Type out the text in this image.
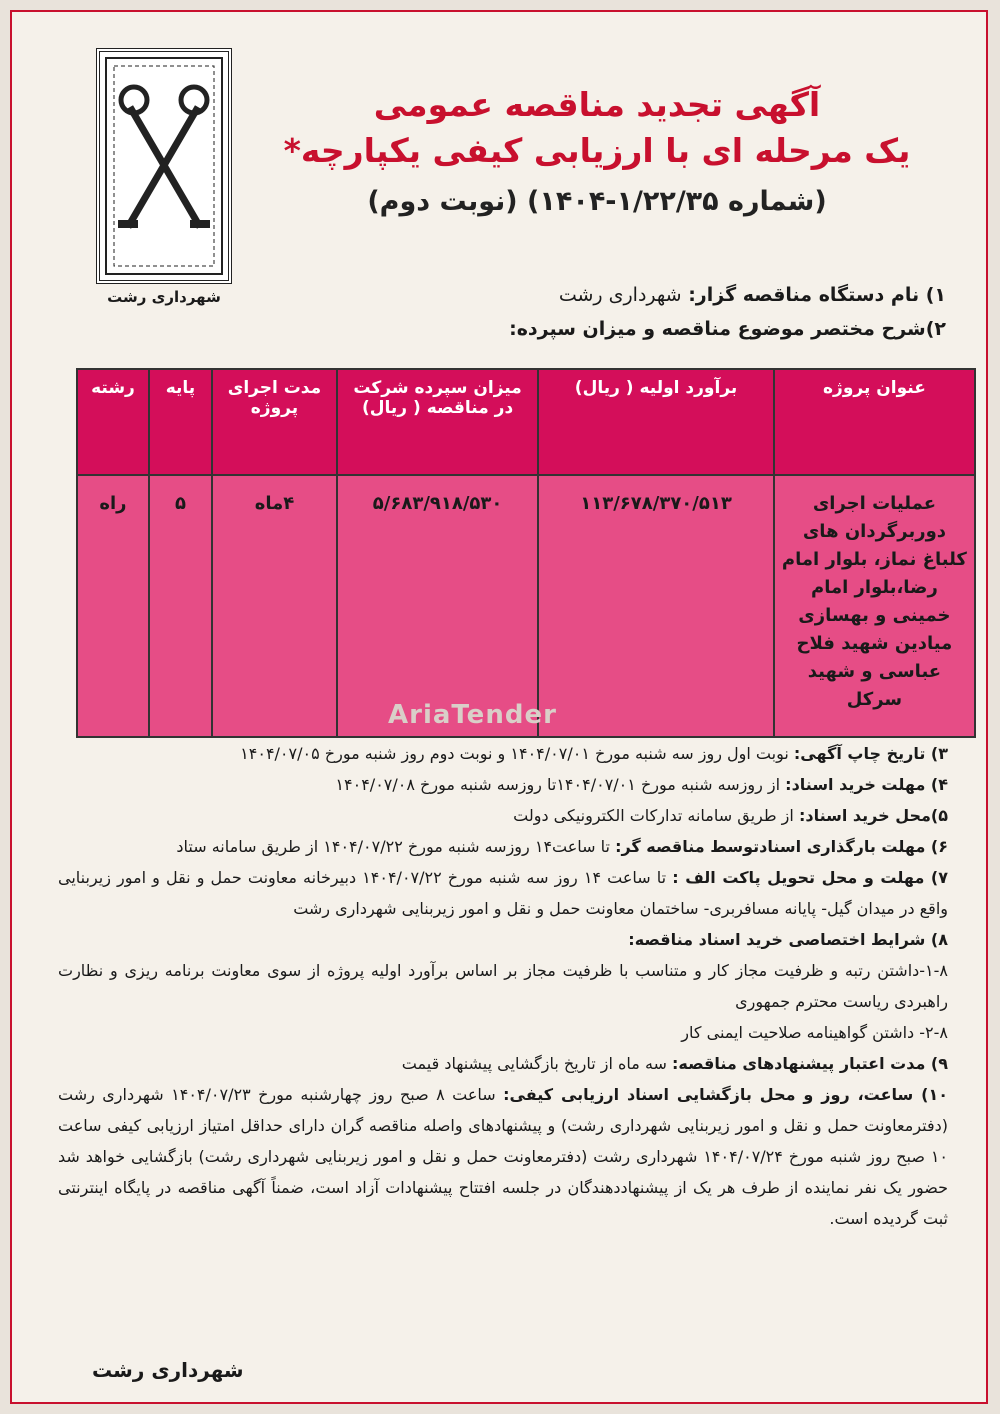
شهرداری رشت
آگهی تجدید مناقصه عمومی
یک مرحله ای با ارزیابی کیفی یکپارچه*
(شماره ۱/۲۲/۳۵-۱۴۰۴) (نوبت دوم)
۱) نام دستگاه مناقصه گزار: شهرداری رشت
۲)شرح مختصر موضوع مناقصه و میزان سپرده:
عنوان پروژه	برآورد اولیه ( ریال)	میزان سپرده شرکت در مناقصه ( ریال)	مدت اجرای پروژه	پایه	رشته
عملیات اجرای دوربرگردان های کلباغ نماز، بلوار امام رضا،بلوار امام خمینی و بهسازی میادین شهید فلاح عباسی و شهید سرکل	۱۱۳/۶۷۸/۳۷۰/۵۱۳	۵/۶۸۳/۹۱۸/۵۳۰	۴ماه	۵	راه
AriaTender

۳) تاریخ چاپ آگهی: نوبت اول روز سه شنبه مورخ ۱۴۰۴/۰۷/۰۱ و نوبت دوم روز شنبه مورخ ۱۴۰۴/۰۷/۰۵

۴) مهلت خرید اسناد: از روزسه شنبه مورخ ۱۴۰۴/۰۷/۰۱تا روزسه شنبه مورخ ۱۴۰۴/۰۷/۰۸

۵)محل خرید اسناد: از طریق سامانه تدارکات الکترونیکی دولت

۶) مهلت بارگذاری اسنادتوسط مناقصه گر: تا ساعت۱۴ روزسه شنبه مورخ ۱۴۰۴/۰۷/۲۲ از طریق سامانه ستاد

۷) مهلت و محل تحویل پاکت الف : تا ساعت ۱۴ روز سه شنبه مورخ ۱۴۰۴/۰۷/۲۲ دبیرخانه معاونت حمل و نقل و امور زیربنایی واقع در میدان گیل- پایانه مسافربری- ساختمان معاونت حمل و نقل و امور زیربنایی شهرداری رشت

۸) شرایط اختصاصی خرید اسناد مناقصه:

۱-۸-داشتن رتبه و ظرفیت مجاز کار و متناسب با ظرفیت مجاز بر اساس برآورد اولیه پروژه از سوی معاونت برنامه ریزی و نظارت راهبردی ریاست محترم جمهوری

۲-۸- داشتن گواهینامه صلاحیت ایمنی کار

۹) مدت اعتبار پیشنهادهای مناقصه: سه ماه از تاریخ بازگشایی پیشنهاد قیمت

۱۰) ساعت، روز و محل بازگشایی اسناد ارزیابی کیفی: ساعت ۸ صبح روز چهارشنبه مورخ ۱۴۰۴/۰۷/۲۳ شهرداری رشت (دفترمعاونت حمل و نقل و امور زیربنایی شهرداری رشت) و پیشنهادهای واصله مناقصه گران دارای حداقل امتیاز ارزیابی کیفی ساعت ۱۰ صبح روز شنبه مورخ ۱۴۰۴/۰۷/۲۴ شهرداری رشت (دفترمعاونت حمل و نقل و امور زیربنایی شهرداری رشت) بازگشایی خواهد شد حضور یک نفر نماینده از طرف هر یک از پیشنهاددهندگان در جلسه افتتاح پیشنهادات آزاد است، ضمناً آگهی مناقصه در پایگاه اینترنتی ثبت گردیده است.

شهرداری رشت
